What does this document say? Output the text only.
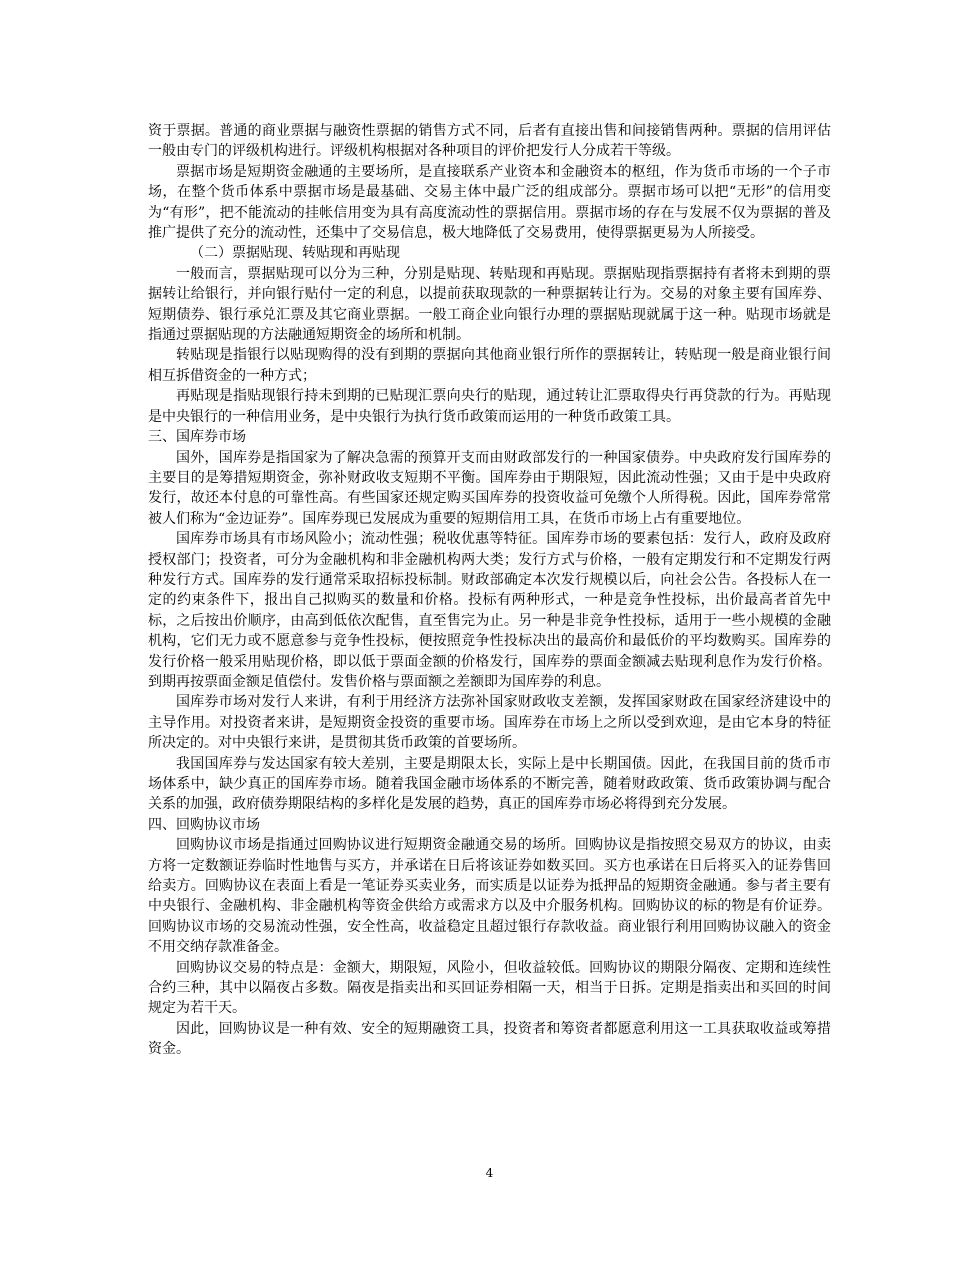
资于票据。普通的商业票据与融资性票据的销售方式不同，后者有直接出售和间接销售两种。票据的信用评估一般由专门的评级机构进行。评级机构根据对各种项目的评价把发行人分成若干等级。

票据市场是短期资金融通的主要场所，是直接联系产业资本和金融资本的枢纽，作为货币市场的一个子市场，在整个货币体系中票据市场是最基础、交易主体中最广泛的组成部分。票据市场可以把“无形”的信用变为“有形”，把不能流动的挂帐信用变为具有高度流动性的票据信用。票据市场的存在与发展不仅为票据的普及推广提供了充分的流动性，还集中了交易信息，极大地降低了交易费用，使得票据更易为人所接受。

（二）票据贴现、转贴现和再贴现

一般而言，票据贴现可以分为三种，分别是贴现、转贴现和再贴现。票据贴现指票据持有者将未到期的票据转让给银行，并向银行贴付一定的利息，以提前获取现款的一种票据转让行为。交易的对象主要有国库券、短期债券、银行承兑汇票及其它商业票据。一般工商企业向银行办理的票据贴现就属于这一种。贴现市场就是指通过票据贴现的方法融通短期资金的场所和机制。

转贴现是指银行以贴现购得的没有到期的票据向其他商业银行所作的票据转让，转贴现一般是商业银行间相互拆借资金的一种方式；

再贴现是指贴现银行持未到期的已贴现汇票向央行的贴现，通过转让汇票取得央行再贷款的行为。再贴现是中央银行的一种信用业务，是中央银行为执行货币政策而运用的一种货币政策工具。

三、国库券市场

国外，国库券是指国家为了解决急需的预算开支而由财政部发行的一种国家债券。中央政府发行国库券的主要目的是筹措短期资金，弥补财政收支短期不平衡。国库券由于期限短，因此流动性强；又由于是中央政府发行，故还本付息的可靠性高。有些国家还规定购买国库券的投资收益可免缴个人所得税。因此，国库券常常被人们称为“金边证券”。国库券现已发展成为重要的短期信用工具，在货币市场上占有重要地位。

国库券市场具有市场风险小；流动性强；税收优惠等特征。国库券市场的要素包括：发行人，政府及政府授权部门；投资者，可分为金融机构和非金融机构两大类；发行方式与价格，一般有定期发行和不定期发行两种发行方式。国库券的发行通常采取招标投标制。财政部确定本次发行规模以后，向社会公告。各投标人在一定的约束条件下，报出自己拟购买的数量和价格。投标有两种形式，一种是竞争性投标，出价最高者首先中标，之后按出价顺序，由高到低依次配售，直至售完为止。另一种是非竞争性投标，适用于一些小规模的金融机构，它们无力或不愿意参与竞争性投标，便按照竞争性投标决出的最高价和最低价的平均数购买。国库券的发行价格一般采用贴现价格，即以低于票面金额的价格发行，国库券的票面金额减去贴现利息作为发行价格。到期再按票面金额足值偿付。发售价格与票面额之差额即为国库券的利息。

国库券市场对发行人来讲，有利于用经济方法弥补国家财政收支差额，发挥国家财政在国家经济建设中的主导作用。对投资者来讲，是短期资金投资的重要市场。国库券在市场上之所以受到欢迎，是由它本身的特征所决定的。对中央银行来讲，是贯彻其货币政策的首要场所。

我国国库券与发达国家有较大差别，主要是期限太长，实际上是中长期国债。因此，在我国目前的货币市场体系中，缺少真正的国库券市场。随着我国金融市场体系的不断完善，随着财政政策、货币政策协调与配合关系的加强，政府债券期限结构的多样化是发展的趋势，真正的国库券市场必将得到充分发展。

四、回购协议市场

回购协议市场是指通过回购协议进行短期资金融通交易的场所。回购协议是指按照交易双方的协议，由卖方将一定数额证券临时性地售与买方，并承诺在日后将该证券如数买回。买方也承诺在日后将买入的证券售回给卖方。回购协议在表面上看是一笔证券买卖业务，而实质是以证券为抵押品的短期资金融通。参与者主要有中央银行、金融机构、非金融机构等资金供给方或需求方以及中介服务机构。回购协议的标的物是有价证券。回购协议市场的交易流动性强，安全性高，收益稳定且超过银行存款收益。商业银行利用回购协议融入的资金不用交纳存款准备金。

回购协议交易的特点是：金额大，期限短，风险小，但收益较低。回购协议的期限分隔夜、定期和连续性合约三种，其中以隔夜占多数。隔夜是指卖出和买回证券相隔一天，相当于日拆。定期是指卖出和买回的时间规定为若干天。

因此，回购协议是一种有效、安全的短期融资工具，投资者和筹资者都愿意利用这一工具获取收益或筹措资金。

4
